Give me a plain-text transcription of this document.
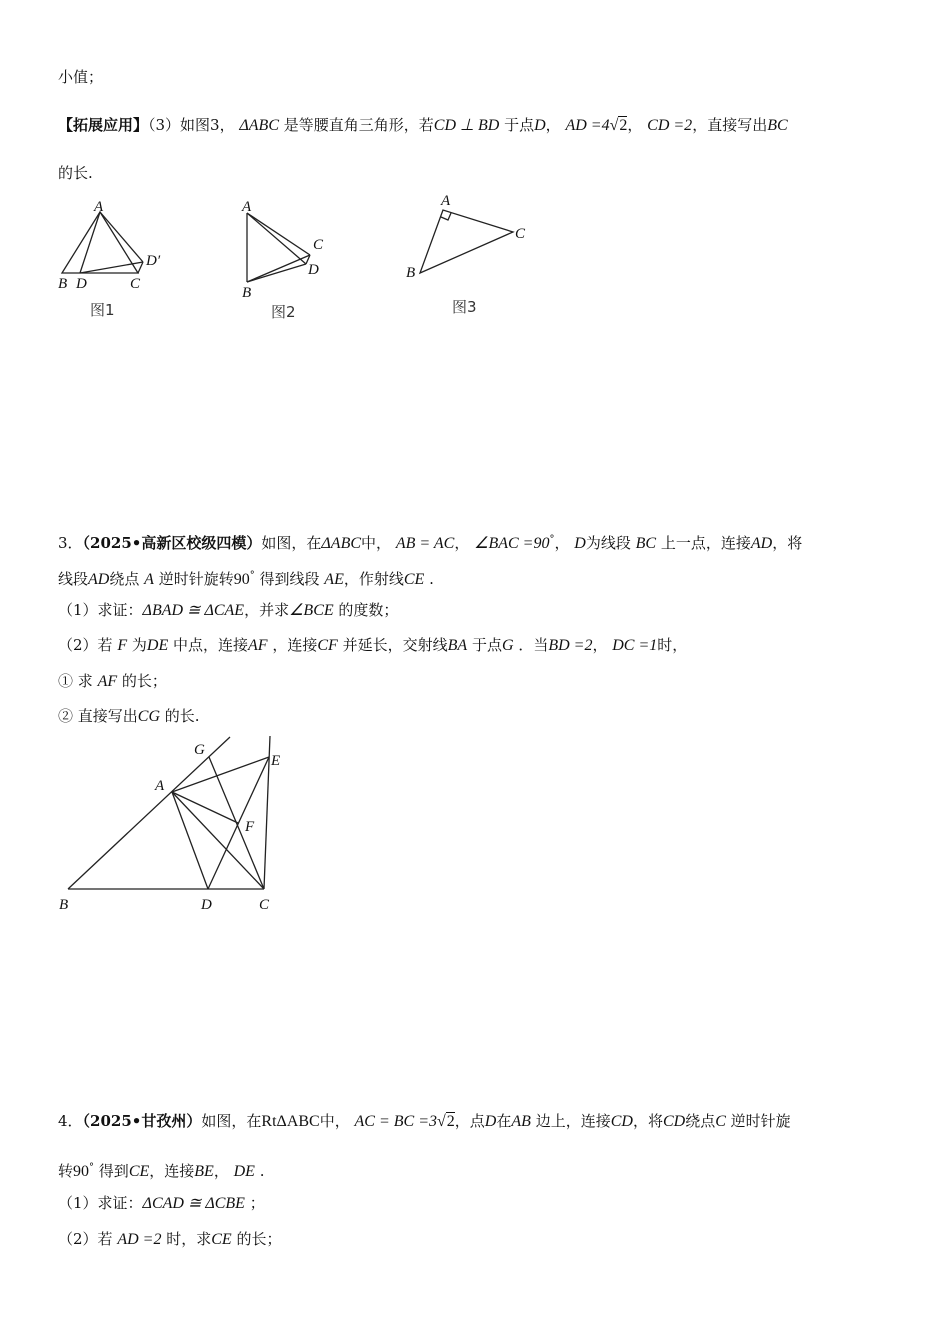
小值；
【拓展应用】（3）如图3， ΔABC 是等腰直角三角形，若CD ⊥ BD 于点D， AD =4√2， CD =2，直接写出BC
的长.
A
B D	C
D′
图1
A
B
C
D
图2
A
B
C
图3
G
E
A
F
B	D	C
3．（2025•高新区校级四模）如图，在ΔABC中， AB = AC， ∠BAC =90°， D为线段 BC 上一点，连接AD，将
线段AD绕点 A 逆时针旋转90° 得到线段 AE，作射线CE .
（1）求证：ΔBAD ≅ ΔCAE，并求∠BCE 的度数；
（2）若 F 为DE 中点，连接AF ，连接CF 并延长，交射线BA 于点G ．当BD =2， DC =1时，
① 求 AF 的长；
② 直接写出CG 的长.
4．（2025•甘孜州）如图，在RtΔABC中， AC = BC =3√2，点D在AB 边上，连接CD，将CD绕点C 逆时针旋
转90° 得到CE，连接BE， DE .
（1）求证：ΔCAD ≅ ΔCBE ；
（2）若 AD =2 时，求CE 的长；
